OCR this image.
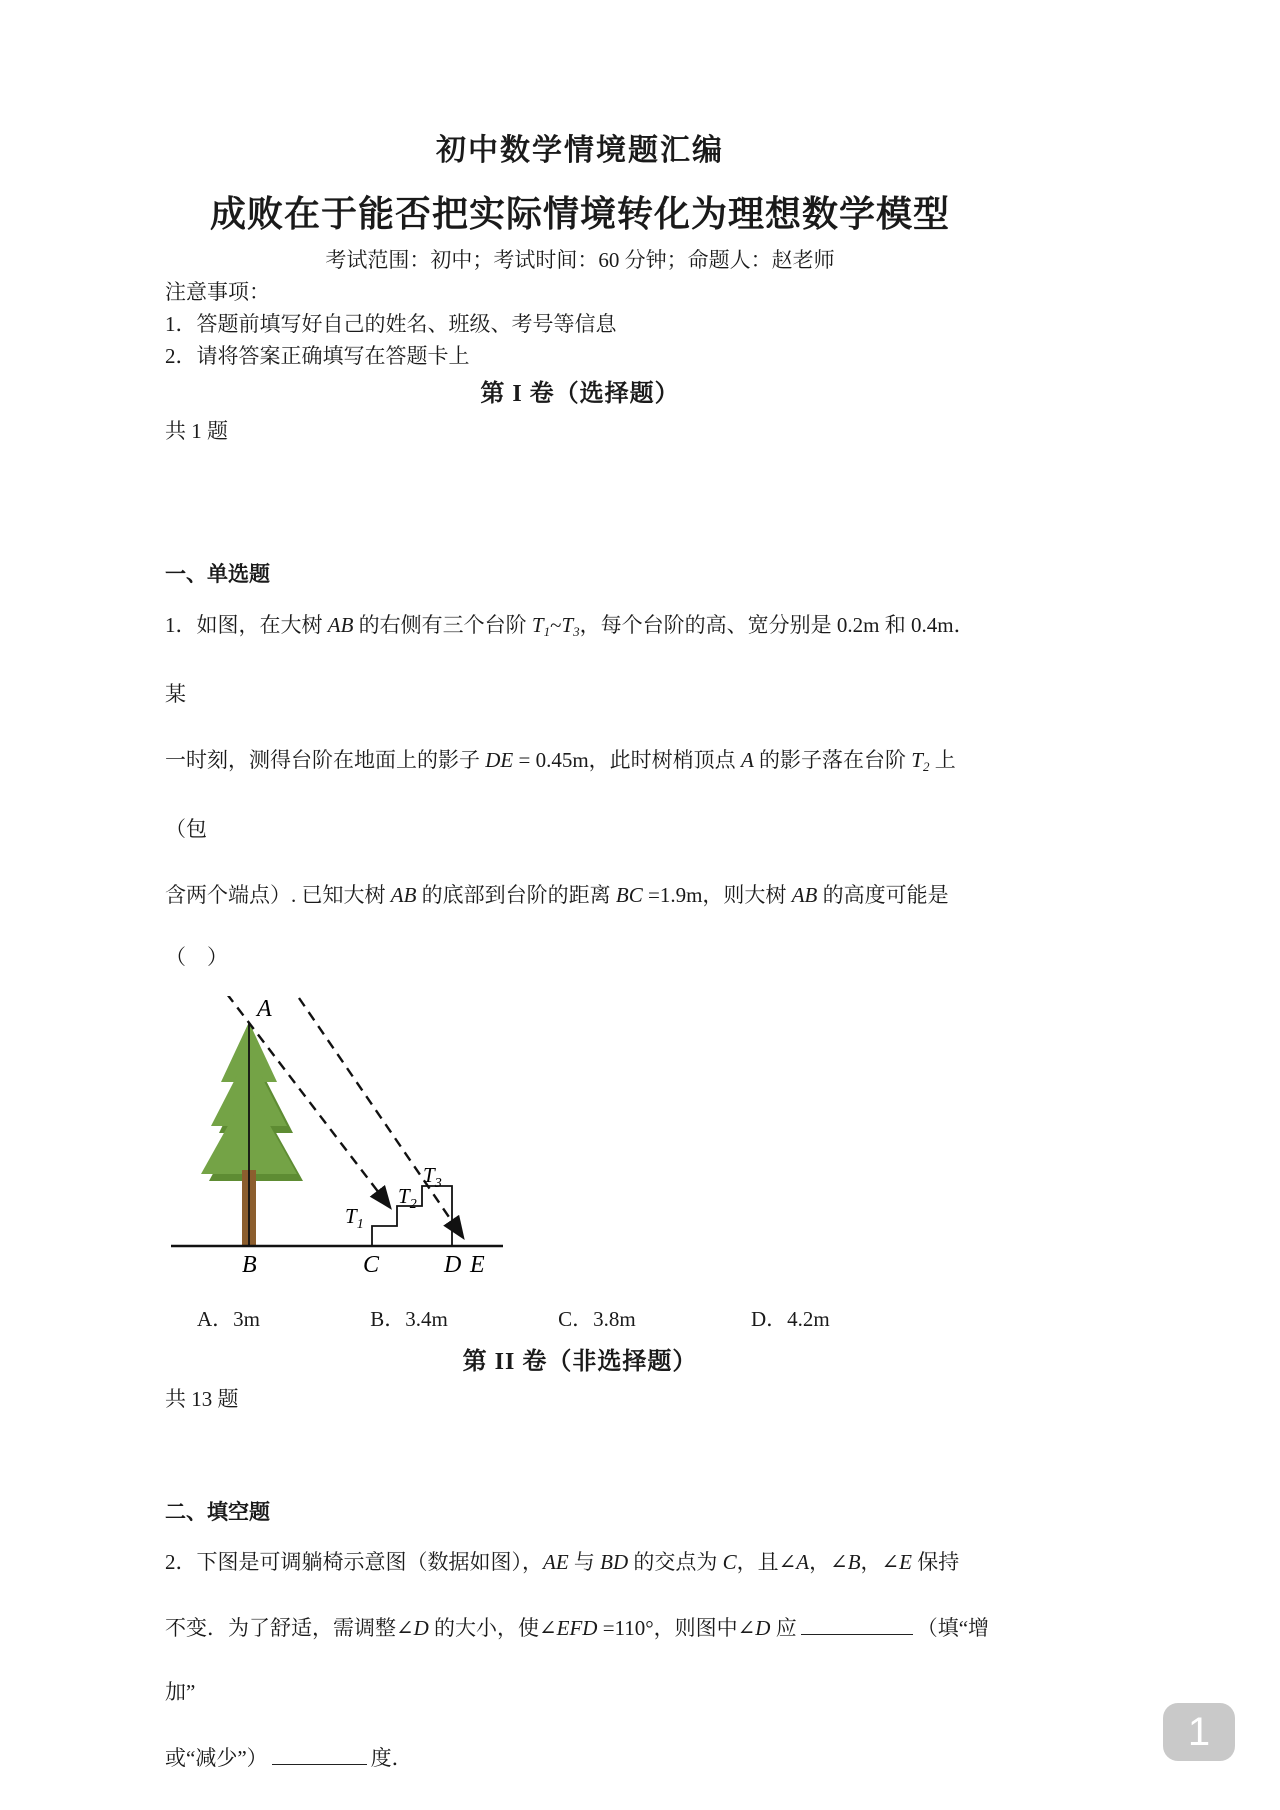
初中数学情境题汇编
成败在于能否把实际情境转化为理想数学模型

考试范围：初中；考试时间：60 分钟；命题人：赵老师

注意事项：

1．答题前填写好自己的姓名、班级、考号等信息

2．请将答案正确填写在答题卡上

第 I 卷（选择题）

共 1 题

一、单选题

1．如图，在大树 AB 的右侧有三个台阶 $T_1\sim T_3$，每个台阶的高、宽分别是 0.2m 和 0.4m．某

一时刻，测得台阶在地面上的影子 DE = 0.45m，此时树梢顶点 A 的影子落在台阶 $T_2$ 上（包

含两个端点）. 已知大树 AB 的底部到台阶的距离 BC =1.9m，则大树 AB 的高度可能是（　）

A
B	C	D E
$T_1$
$T_2$
$T_3$
A．3m	B．3.4m	C．3.8m	D．4.2m
第 II 卷（非选择题）

共 13 题

二、填空题

2．下图是可调躺椅示意图（数据如图），AE 与 BD 的交点为 C，且∠A，∠B，∠E 保持

不变．为了舒适，需调整∠D 的大小，使∠EFD =110°，则图中∠D 应	（填“增加”

或“减少”）	度．

1
